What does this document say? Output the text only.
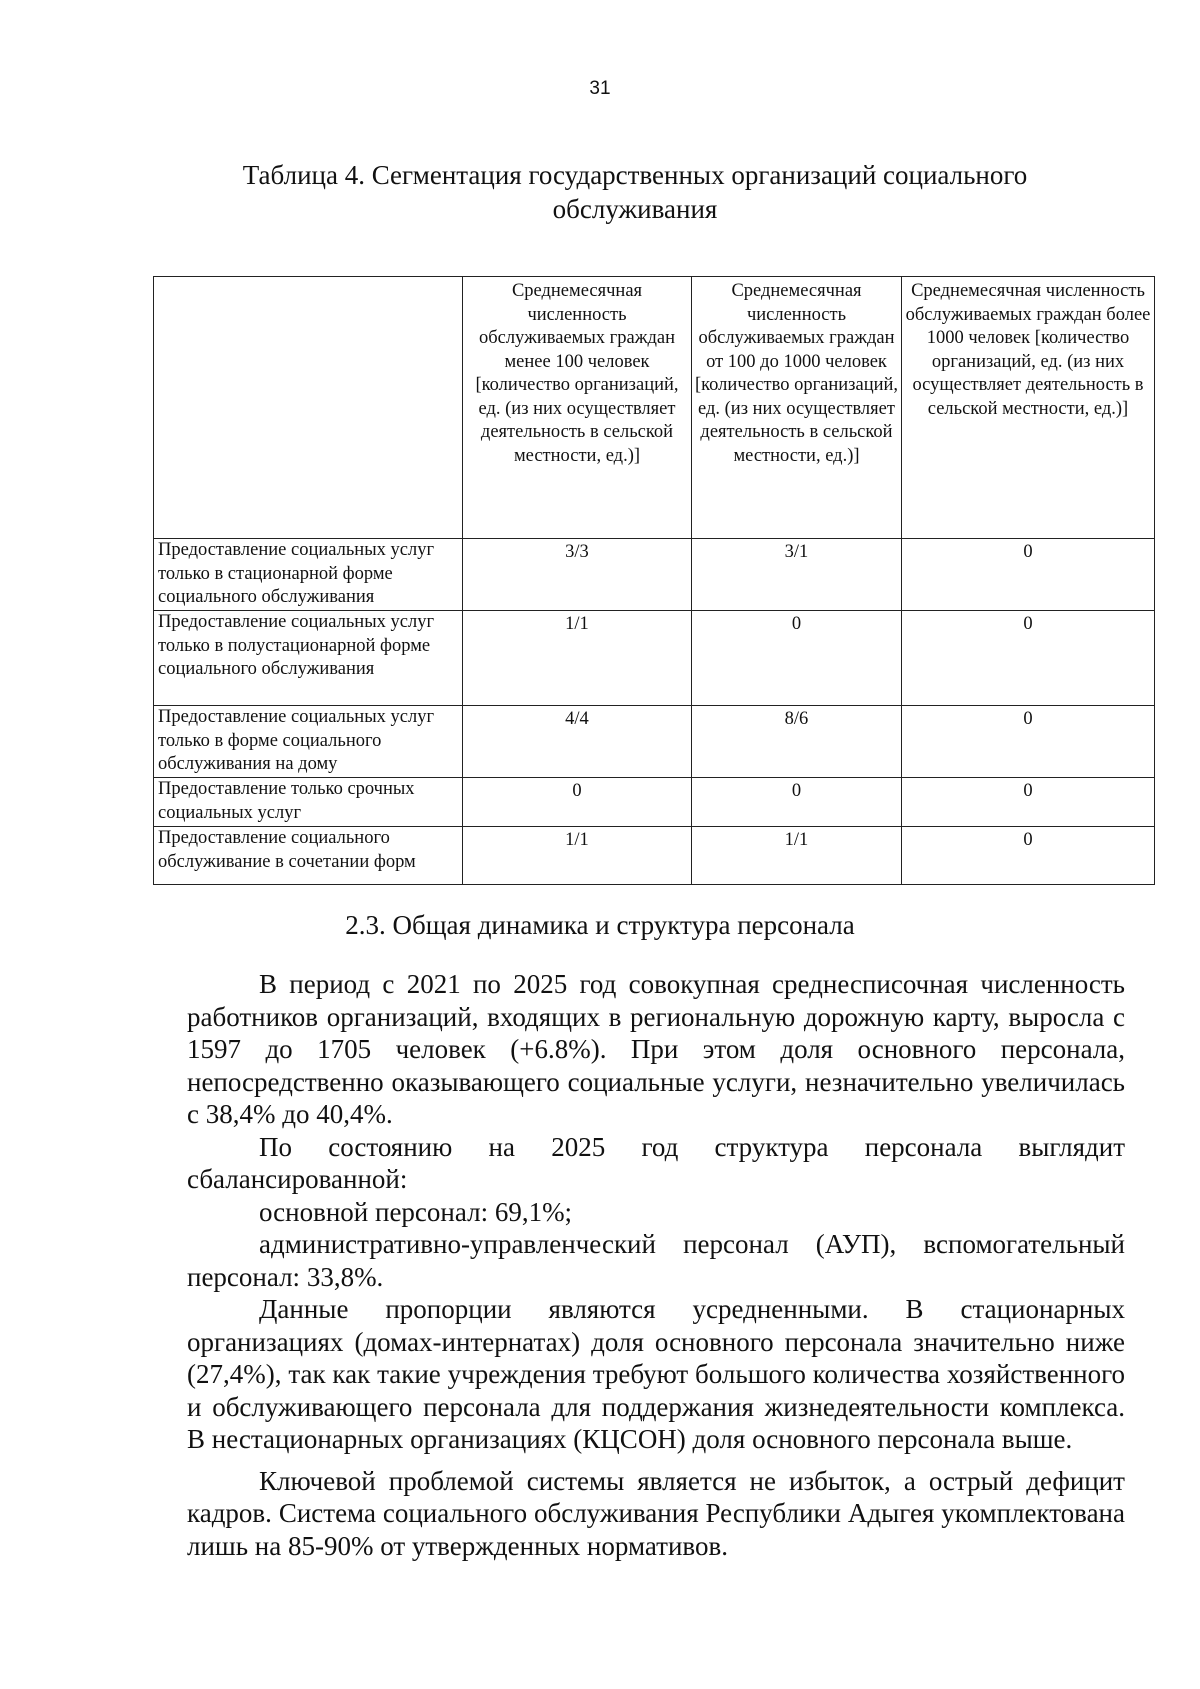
31
Таблица 4. Сегментация государственных организаций социального обслуживания
	Среднемесячная численность обслуживаемых граждан менее 100 человек [количество организаций, ед. (из них осуществляет деятельность в сельской местности, ед.)]	Среднемесячная численность обслуживаемых граждан от 100 до 1000 человек [количество организаций, ед. (из них осуществляет деятельность в сельской местности, ед.)]	Среднемесячная численность обслуживаемых граждан более 1000 человек [количество организаций, ед. (из них осуществляет деятельность в сельской местности, ед.)]
Предоставление социальных услуг только в стационарной форме социального обслуживания	3/3	3/1	0
Предоставление социальных услуг только в полустационарной форме социального обслуживания	1/1	0	0
Предоставление социальных услуг только в форме социального обслуживания на дому	4/4	8/6	0
Предоставление только срочных социальных услуг	0	0	0
Предоставление социального обслуживание в сочетании форм	1/1	1/1	0
2.3. Общая динамика и структура персонала

В период с 2021 по 2025 год совокупная среднесписочная численность работников организаций, входящих в региональную дорожную карту, выросла с 1597 до 1705 человек (+6.8%). При этом доля основного персонала, непосредственно оказывающего социальные услуги, незначительно увеличилась с 38,4% до 40,4%.

По состоянию на 2025 год структура персонала выглядит сбалансированной:

основной персонал: 69,1%;

административно-управленческий персонал (АУП), вспомогательный персонал: 33,8%.

Данные пропорции являются усредненными. В стационарных организациях (домах-интернатах) доля основного персонала значительно ниже (27,4%), так как такие учреждения требуют большого количества хозяйственного и обслуживающего персонала для поддержания жизнедеятельности комплекса. В нестационарных организациях (КЦСОН) доля основного персонала выше.

Ключевой проблемой системы является не избыток, а острый дефицит кадров. Система социального обслуживания Республики Адыгея укомплектована лишь на 85-90% от утвержденных нормативов.
